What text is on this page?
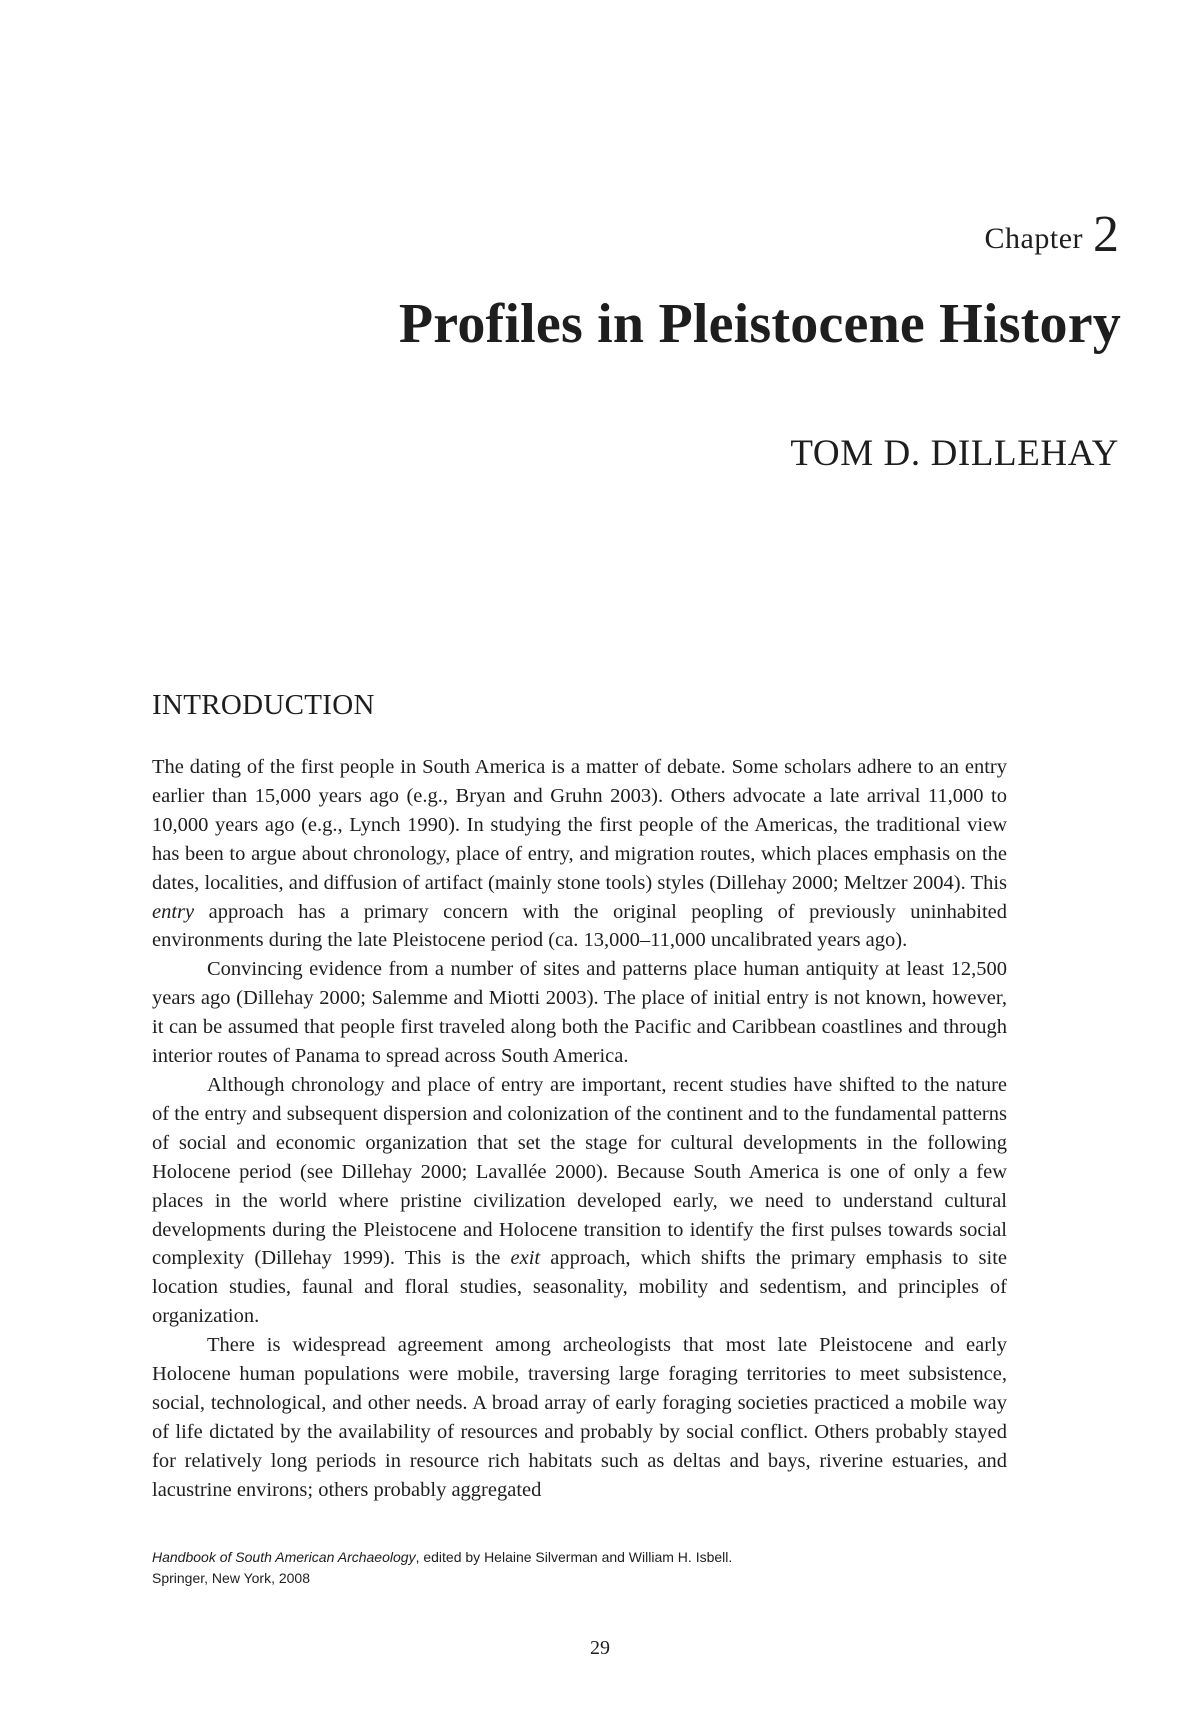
Chapter 2
Profiles in Pleistocene History
TOM D. DILLEHAY
INTRODUCTION

The dating of the first people in South America is a matter of debate. Some scholars adhere to an entry earlier than 15,000 years ago (e.g., Bryan and Gruhn 2003). Others advocate a late arrival 11,000 to 10,000 years ago (e.g., Lynch 1990). In studying the first people of the Americas, the traditional view has been to argue about chronology, place of entry, and migration routes, which places emphasis on the dates, localities, and diffusion of artifact (mainly stone tools) styles (Dillehay 2000; Meltzer 2004). This entry approach has a primary concern with the original peopling of previously uninhabited environments during the late Pleistocene period (ca. 13,000–11,000 uncalibrated years ago).

Convincing evidence from a number of sites and patterns place human antiquity at least 12,500 years ago (Dillehay 2000; Salemme and Miotti 2003). The place of initial entry is not known, however, it can be assumed that people first traveled along both the Pacific and Caribbean coastlines and through interior routes of Panama to spread across South America.

Although chronology and place of entry are important, recent studies have shifted to the nature of the entry and subsequent dispersion and colonization of the continent and to the fundamental patterns of social and economic organization that set the stage for cultural developments in the following Holocene period (see Dillehay 2000; Lavallée 2000). Because South America is one of only a few places in the world where pristine civilization developed early, we need to understand cultural developments during the Pleistocene and Holocene transition to identify the first pulses towards social complexity (Dillehay 1999). This is the exit approach, which shifts the primary emphasis to site location studies, faunal and floral studies, seasonality, mobility and sedentism, and principles of organization.

There is widespread agreement among archeologists that most late Pleistocene and early Holocene human populations were mobile, traversing large foraging territories to meet subsistence, social, technological, and other needs. A broad array of early foraging societies practiced a mobile way of life dictated by the availability of resources and probably by social conflict. Others probably stayed for relatively long periods in resource rich habitats such as deltas and bays, riverine estuaries, and lacustrine environs; others probably aggregated

Handbook of South American Archaeology, edited by Helaine Silverman and William H. Isbell.
Springer, New York, 2008
29
